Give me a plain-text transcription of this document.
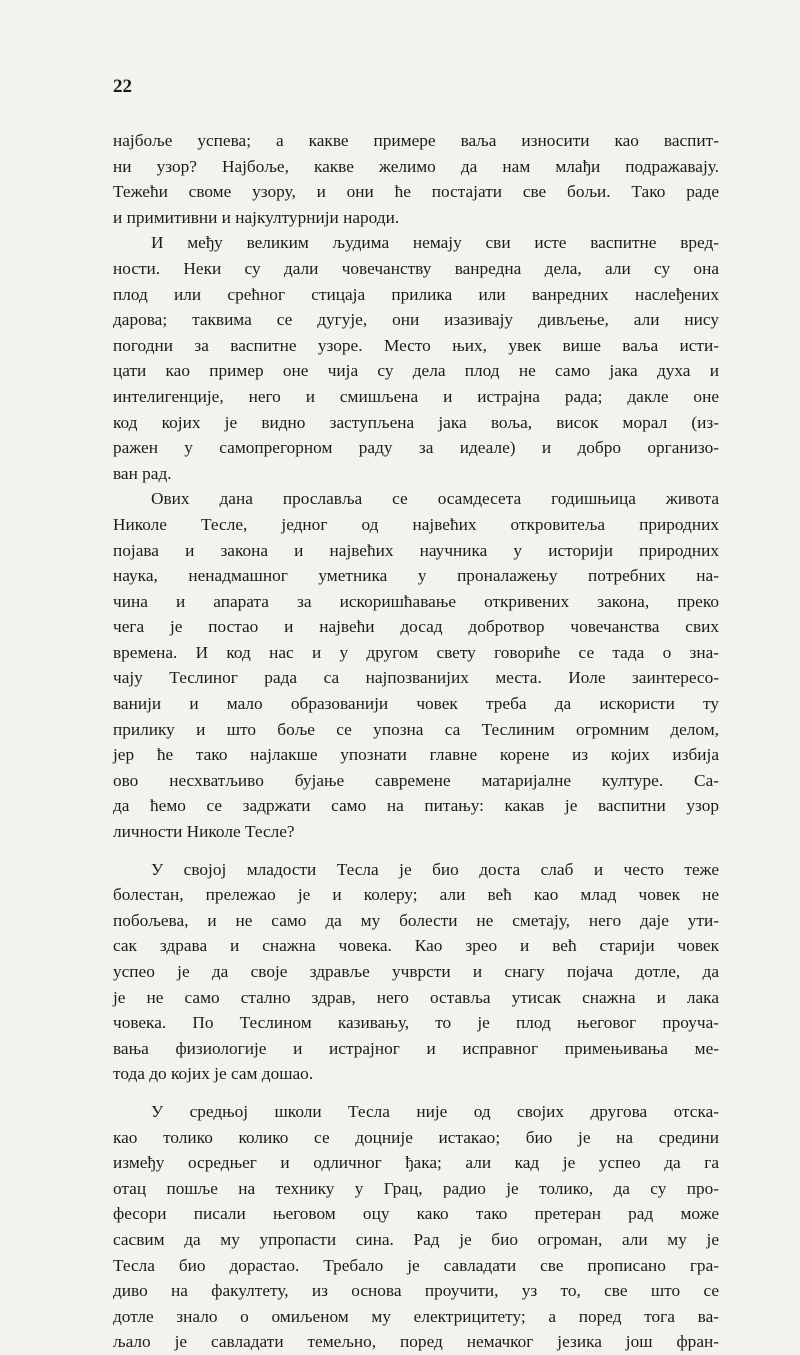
22
најбоље успева; а какве примере ваља износити као васпит-
ни узор? Најбоље, какве желимо да нам млађи подражавају.
Тежећи своме узору, и они ће постајати све бољи. Тако раде
и примитивни и најкултурнији народи.
И међу великим људима немају сви исте васпитне вред-
ности. Неки су дали човечанству ванредна дела, али су она
плод или срећног стицаја прилика или ванредних наслеђених
дарова; таквима се дугује, они изазивају дивљење, али нису
погодни за васпитне узоре. Место њих, увек више ваља исти-
цати као пример оне чија су дела плод не само јака духа и
интелигенције, него и смишљена и истрајна рада; дакле оне
код којих је видно заступљена јака воља, висок морал (из-
ражен у самопрегорном раду за идеале) и добро организо-
ван рад.
Ових дана прославља се осамдесета годишњица живота
Николе Тесле, једног од највећих откровитеља природних
појава и закона и највећих научника у историји природних
наука, ненадмашног уметника у проналажењу потребних на-
чина и апарата за искоришћавање откривених закона, преко
чега је постао и највећи досад добротвор човечанства свих
времена. И код нас и у другом свету говориће се тада о зна-
чају Теслиног рада са најпозванијих места. Иоле заинтересо-
ванији и мало образованији човек треба да искористи ту
прилику и што боље се упозна са Теслиним огромним делом,
јер ће тако најлакше упознати главне корене из којих избија
ово несхватљиво бујање савремене матаријалне културе. Са-
да ћемо се задржати само на питању: какав је васпитни узор
личности Николе Тесле?
У својој младости Тесла је био доста слаб и често теже
болестан, прележао је и колеру; али већ као млад човек не
побољева, и не само да му болести не сметају, него даје ути-
сак здрава и снажна човека. Као зрео и већ старији човек
успео је да своје здравље учврсти и снагу појача дотле, да
је не само стално здрав, него оставља утисак снажна и лака
човека. По Теслином казивању, то је плод његовог проуча-
вања физиологије и истрајног и исправног примењивања ме-
тода до којих је сам дошао.
У средњој школи Тесла није од својих другова отска-
као толико колико се доцније истакао; био је на средини
између осредњег и одличног ђака; али кад је успео да га
отац пошље на технику у Грац, радио је толико, да су про-
фесори писали његовом оцу како тако претеран рад може
сасвим да му упропасти сина. Рад је био огроман, али му је
Тесла био дорастао. Требало је савладати све прописано гра-
диво на факултету, из основа проучити, уз то, све што се
дотле знало о омиљеном му електрицитету; а поред тога ва-
љало је савладати темељно, поред немачког језика још фран-
